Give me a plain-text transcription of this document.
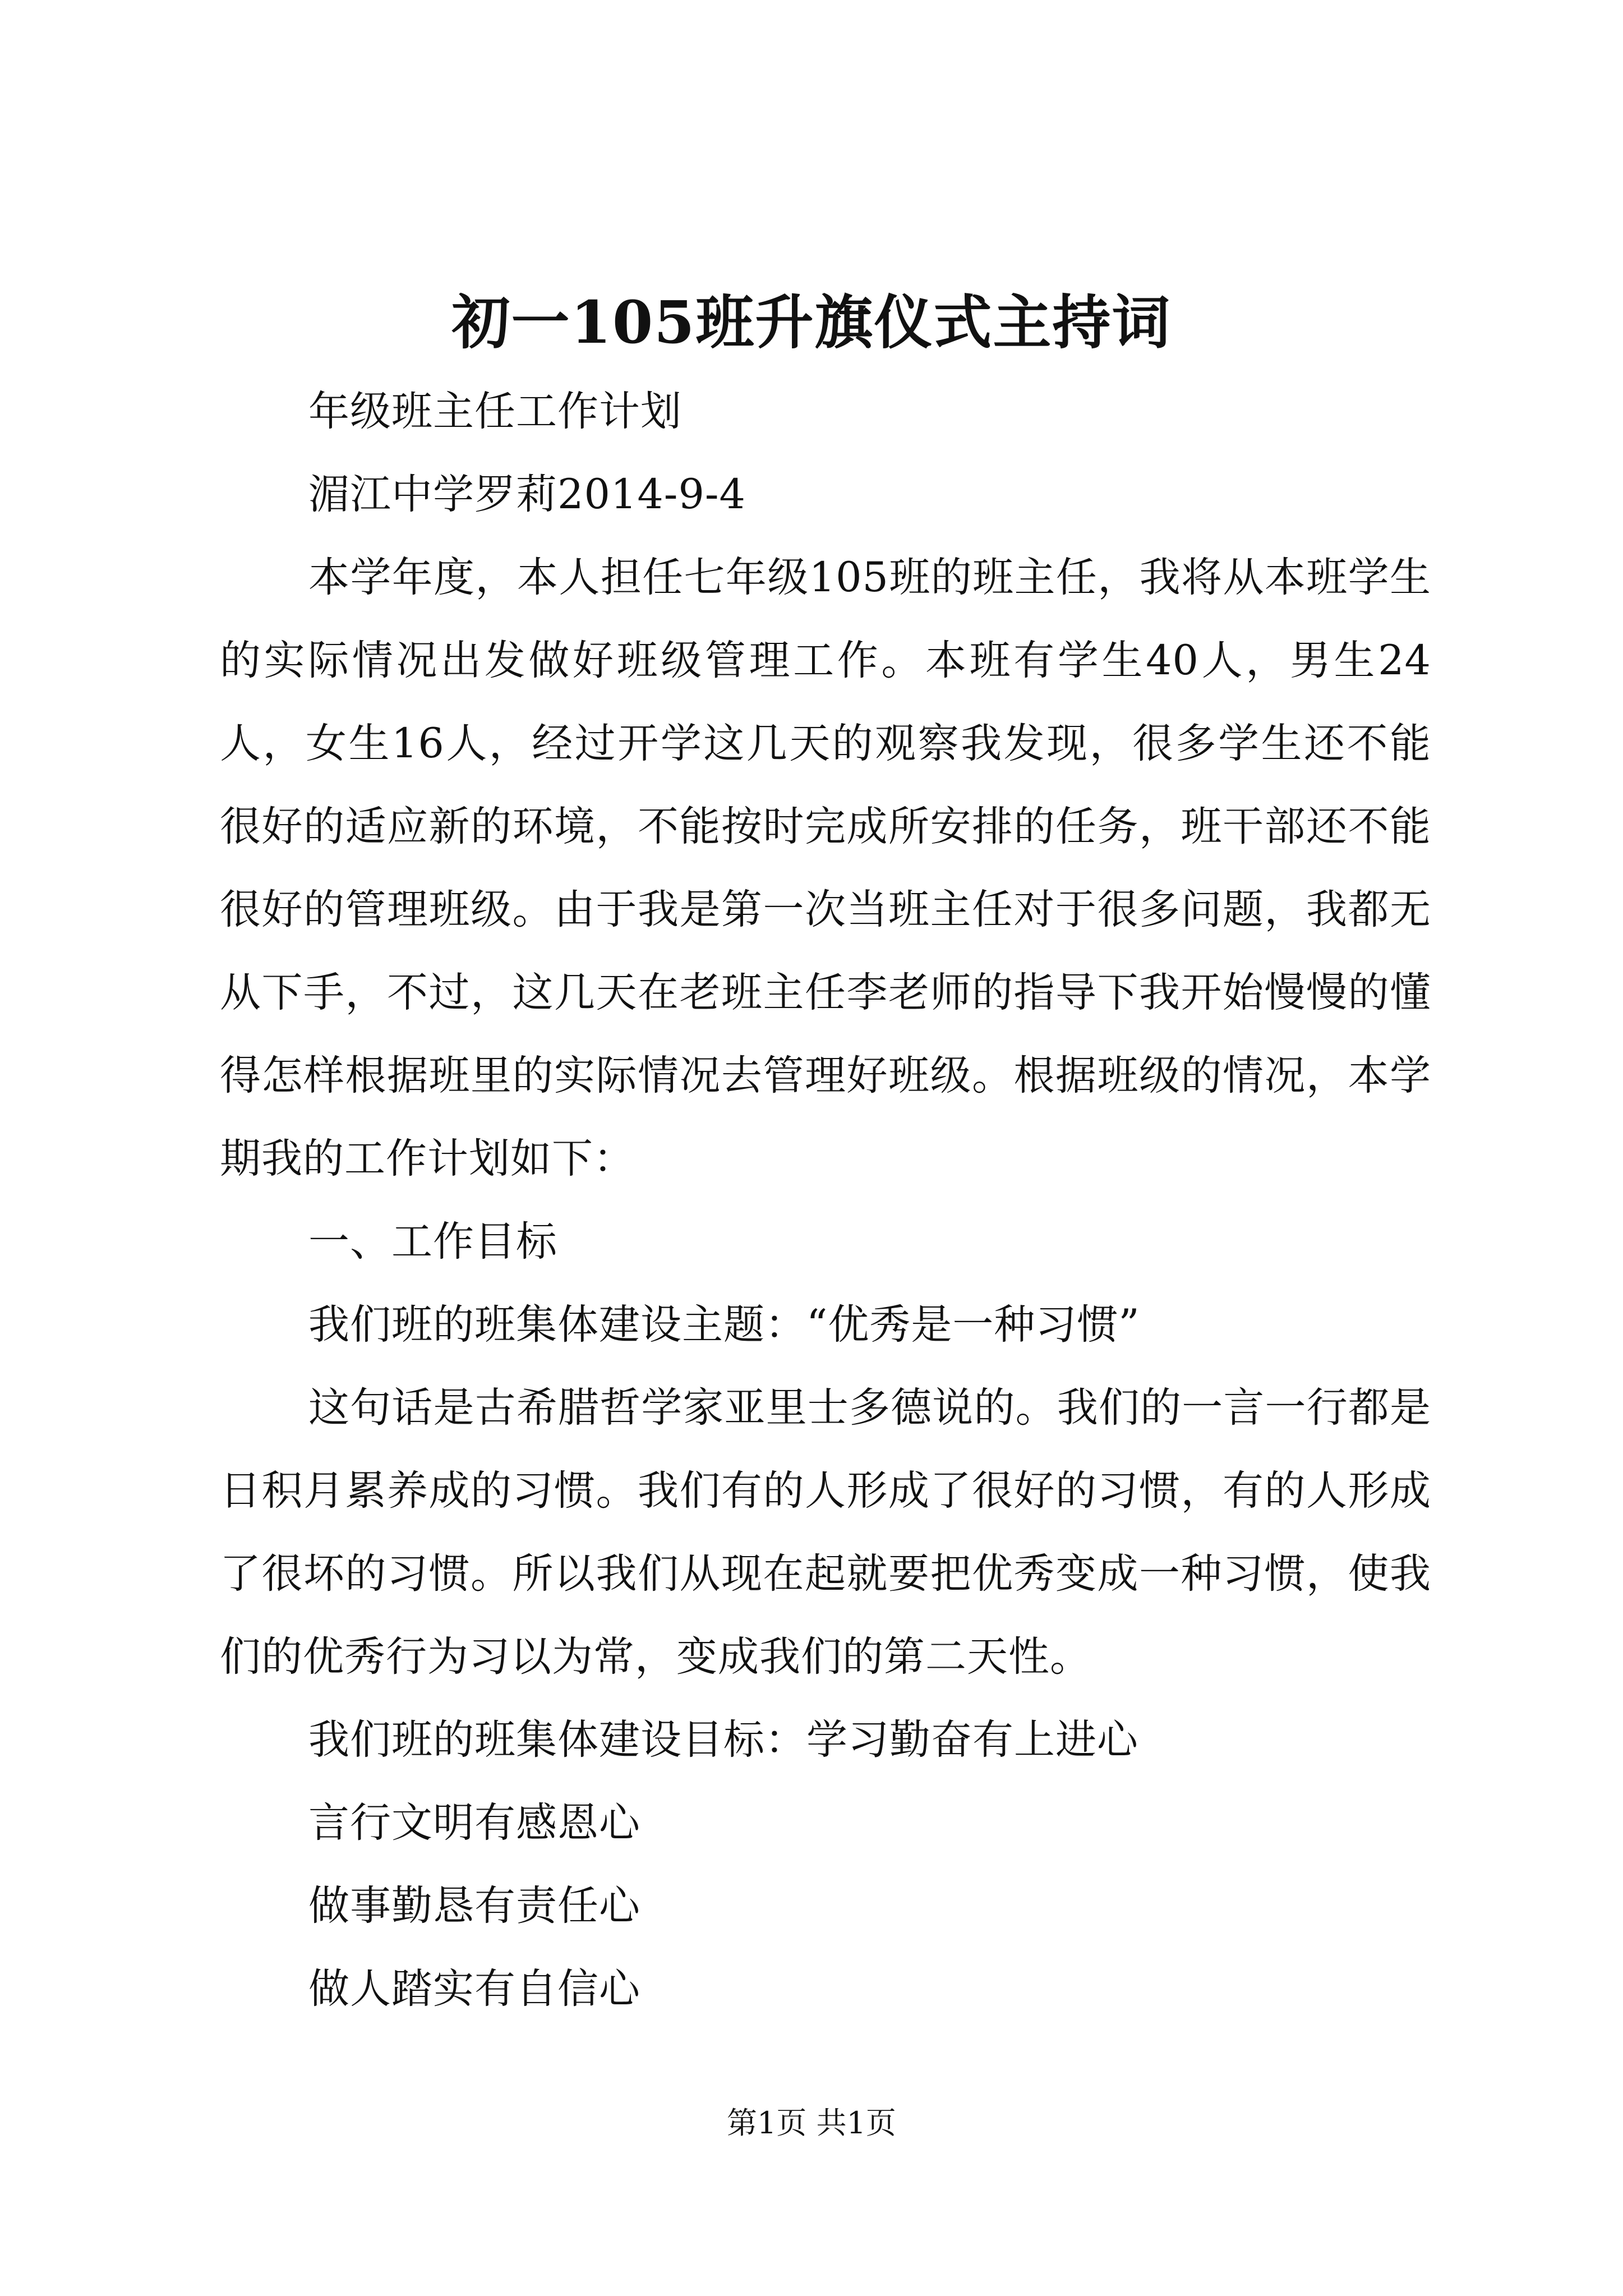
初一105班升旗仪式主持词

年级班主任工作计划

湄江中学罗莉2014-9-4

本学年度，本人担任七年级105班的班主任，我将从本班学生的实际情况出发做好班级管理工作。本班有学生40人，男生24人，女生16人，经过开学这几天的观察我发现，很多学生还不能很好的适应新的环境，不能按时完成所安排的任务，班干部还不能很好的管理班级。由于我是第一次当班主任对于很多问题，我都无从下手，不过，这几天在老班主任李老师的指导下我开始慢慢的懂得怎样根据班里的实际情况去管理好班级。根据班级的情况，本学期我的工作计划如下：

一、工作目标

我们班的班集体建设主题：“优秀是一种习惯”

这句话是古希腊哲学家亚里士多德说的。我们的一言一行都是日积月累养成的习惯。我们有的人形成了很好的习惯，有的人形成了很坏的习惯。所以我们从现在起就要把优秀变成一种习惯，使我们的优秀行为习以为常，变成我们的第二天性。

我们班的班集体建设目标：学习勤奋有上进心

言行文明有感恩心

做事勤恳有责任心

做人踏实有自信心

第1页 共1页
